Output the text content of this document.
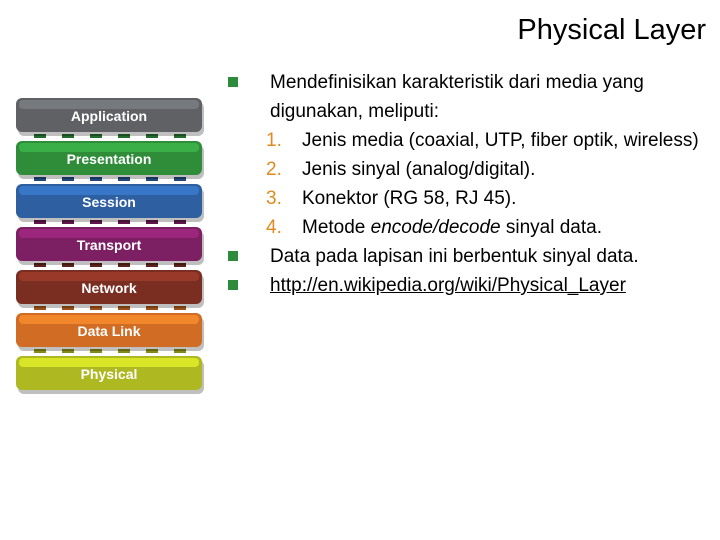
Physical Layer
Physical
Data Link
Network
Transport
Session
Presentation
Application
Mendefinisikan karakteristik dari media yang digunakan, meliputi:
1. Jenis media (coaxial, UTP, fiber optik, wireless)
2. Jenis sinyal (analog/digital).
3. Konektor (RG 58, RJ 45).
4. Metode encode/decode sinyal data.
Data pada lapisan ini berbentuk sinyal data.
http://en.wikipedia.org/wiki/Physical_Layer
